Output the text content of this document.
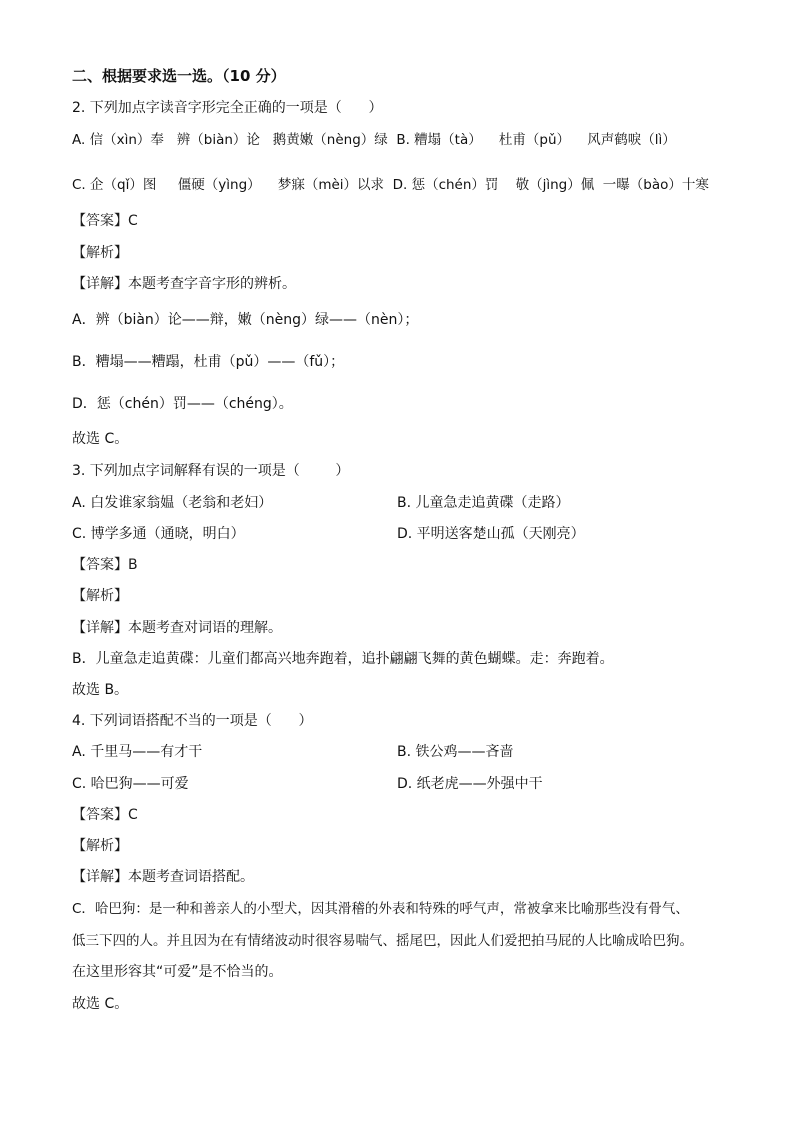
二、根据要求选一选。（10 分）
2. 下列加点字读音字形完全正确的一项是（      ）
A. 信（xìn）奉   辨（biàn）论   鹅黄嫩（nèng）绿  B. 糟塌（tà）    杜甫（pǔ）    风声鹤唳（lì）
C. 企（qǐ）图     僵硬（yìng）    梦寐（mèi）以求  D. 惩（chén）罚    敬（jìng）佩  一曝（bào）十寒
【答案】C
【解析】
【详解】本题考查字音字形的辨析。
A．辨（biàn）论——辩，嫩（nèng）绿——（nèn）；
B．糟塌——糟蹋，杜甫（pǔ）——（fǔ）；
D．惩（chén）罚——（chéng）。
故选 C。
3. 下列加点字词解释有误的一项是（        ）
A. 白发谁家翁媪（老翁和老妇）	B. 儿童急走追黄碟（走路）
C. 博学多通（通晓，明白）	D. 平明送客楚山孤（天刚亮）
【答案】B
【解析】
【详解】本题考查对词语的理解。
B．儿童急走追黄碟：儿童们都高兴地奔跑着，追扑翩翩飞舞的黄色蝴蝶。走：奔跑着。
故选 B。
4. 下列词语搭配不当的一项是（      ）
A. 千里马——有才干	B. 铁公鸡——吝啬
C. 哈巴狗——可爱	D. 纸老虎——外强中干
【答案】C
【解析】
【详解】本题考查词语搭配。
C．哈巴狗：是一种和善亲人的小型犬，因其滑稽的外表和特殊的呼气声，常被拿来比喻那些没有骨气、
低三下四的人。并且因为在有情绪波动时很容易喘气、摇尾巴，因此人们爱把拍马屁的人比喻成哈巴狗。
在这里形容其“可爱”是不恰当的。
故选 C。
